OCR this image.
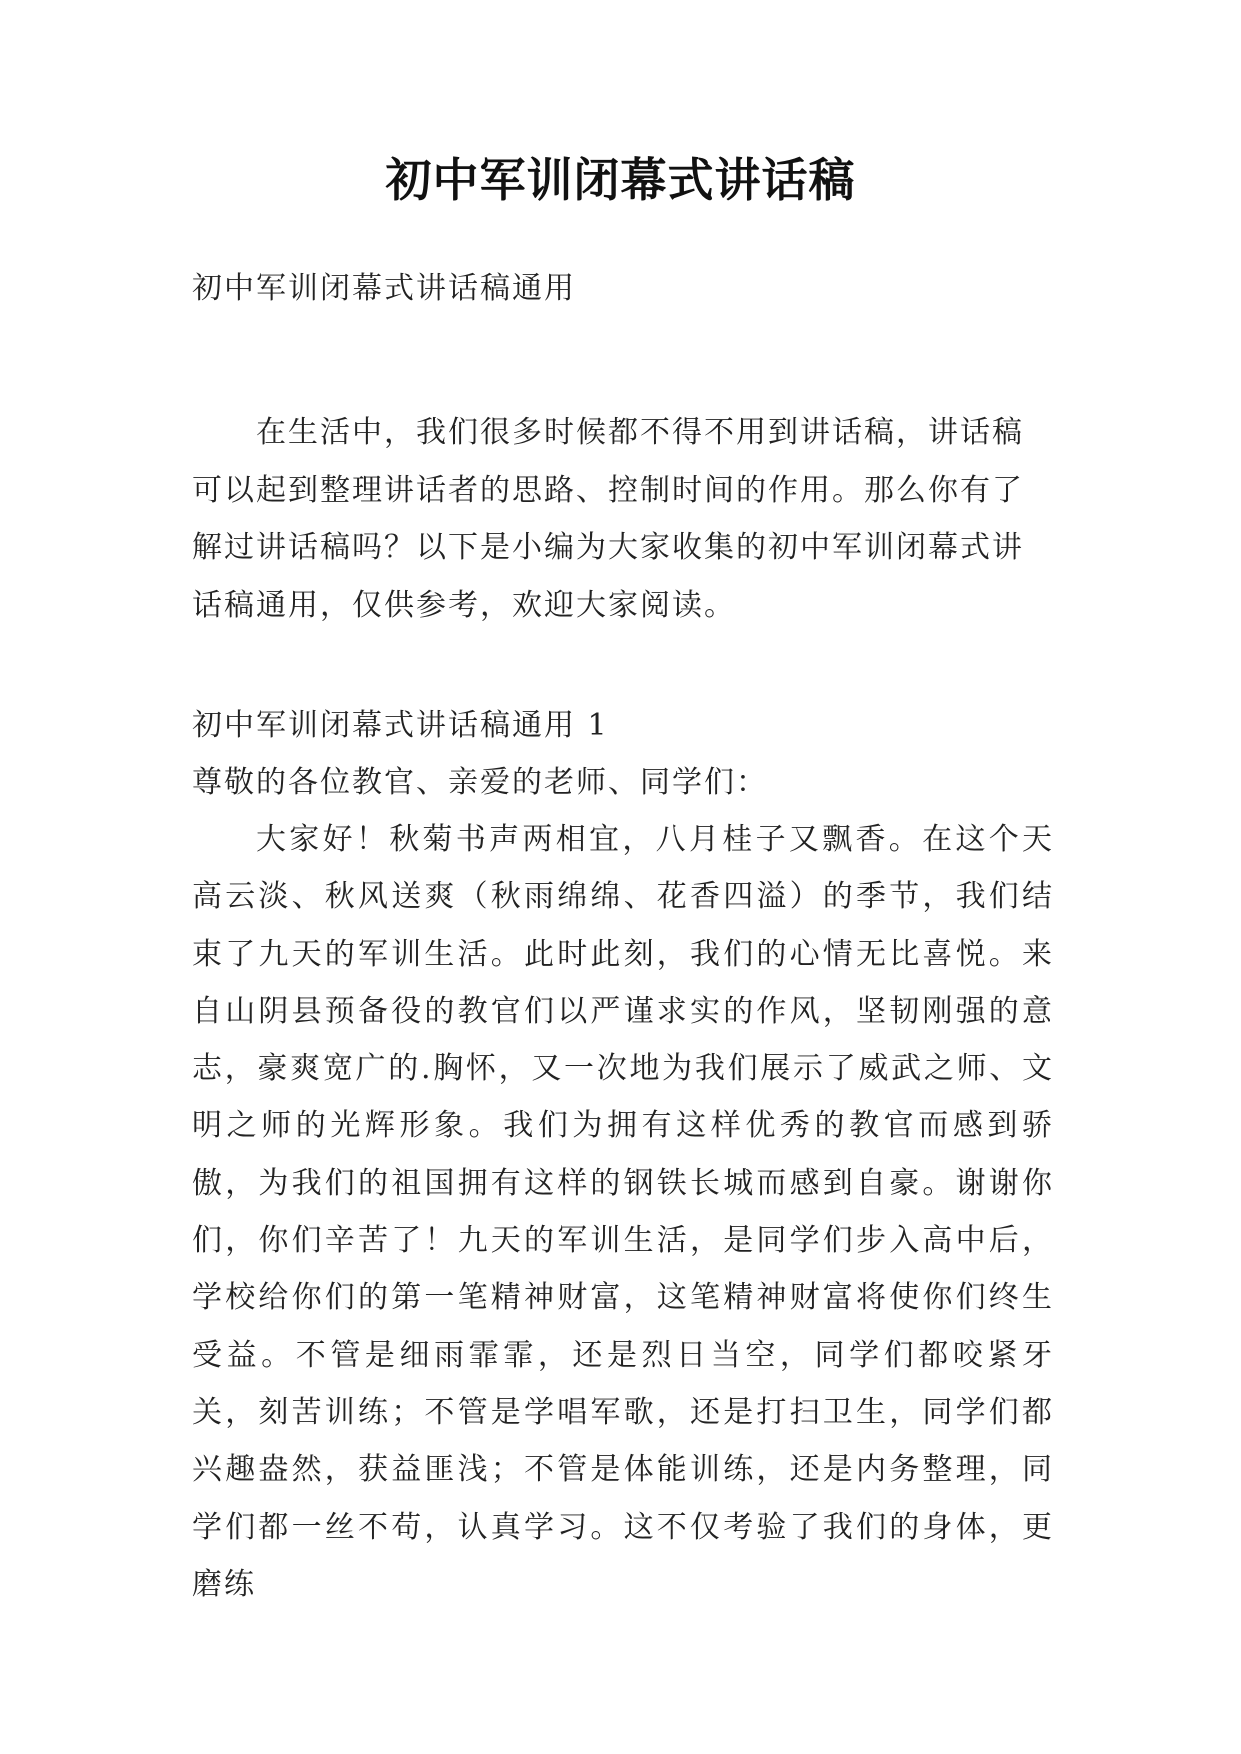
初中军训闭幕式讲话稿
初中军训闭幕式讲话稿通用
在生活中，我们很多时候都不得不用到讲话稿，讲话稿可以起到整理讲话者的思路、控制时间的作用。那么你有了解过讲话稿吗？以下是小编为大家收集的初中军训闭幕式讲话稿通用，仅供参考，欢迎大家阅读。
初中军训闭幕式讲话稿通用 1
尊敬的各位教官、亲爱的老师、同学们：
大家好！秋菊书声两相宜，八月桂子又飘香。在这个天高云淡、秋风送爽（秋雨绵绵、花香四溢）的季节，我们结束了九天的军训生活。此时此刻，我们的心情无比喜悦。来自山阴县预备役的教官们以严谨求实的作风，坚韧刚强的意志，豪爽宽广的.胸怀，又一次地为我们展示了威武之师、文明之师的光辉形象。我们为拥有这样优秀的教官而感到骄傲，为我们的祖国拥有这样的钢铁长城而感到自豪。谢谢你们，你们辛苦了！九天的军训生活，是同学们步入高中后，学校给你们的第一笔精神财富，这笔精神财富将使你们终生受益。不管是细雨霏霏，还是烈日当空，同学们都咬紧牙关，刻苦训练；不管是学唱军歌，还是打扫卫生，同学们都兴趣盎然，获益匪浅；不管是体能训练，还是内务整理，同学们都一丝不苟，认真学习。这不仅考验了我们的身体，更磨练
